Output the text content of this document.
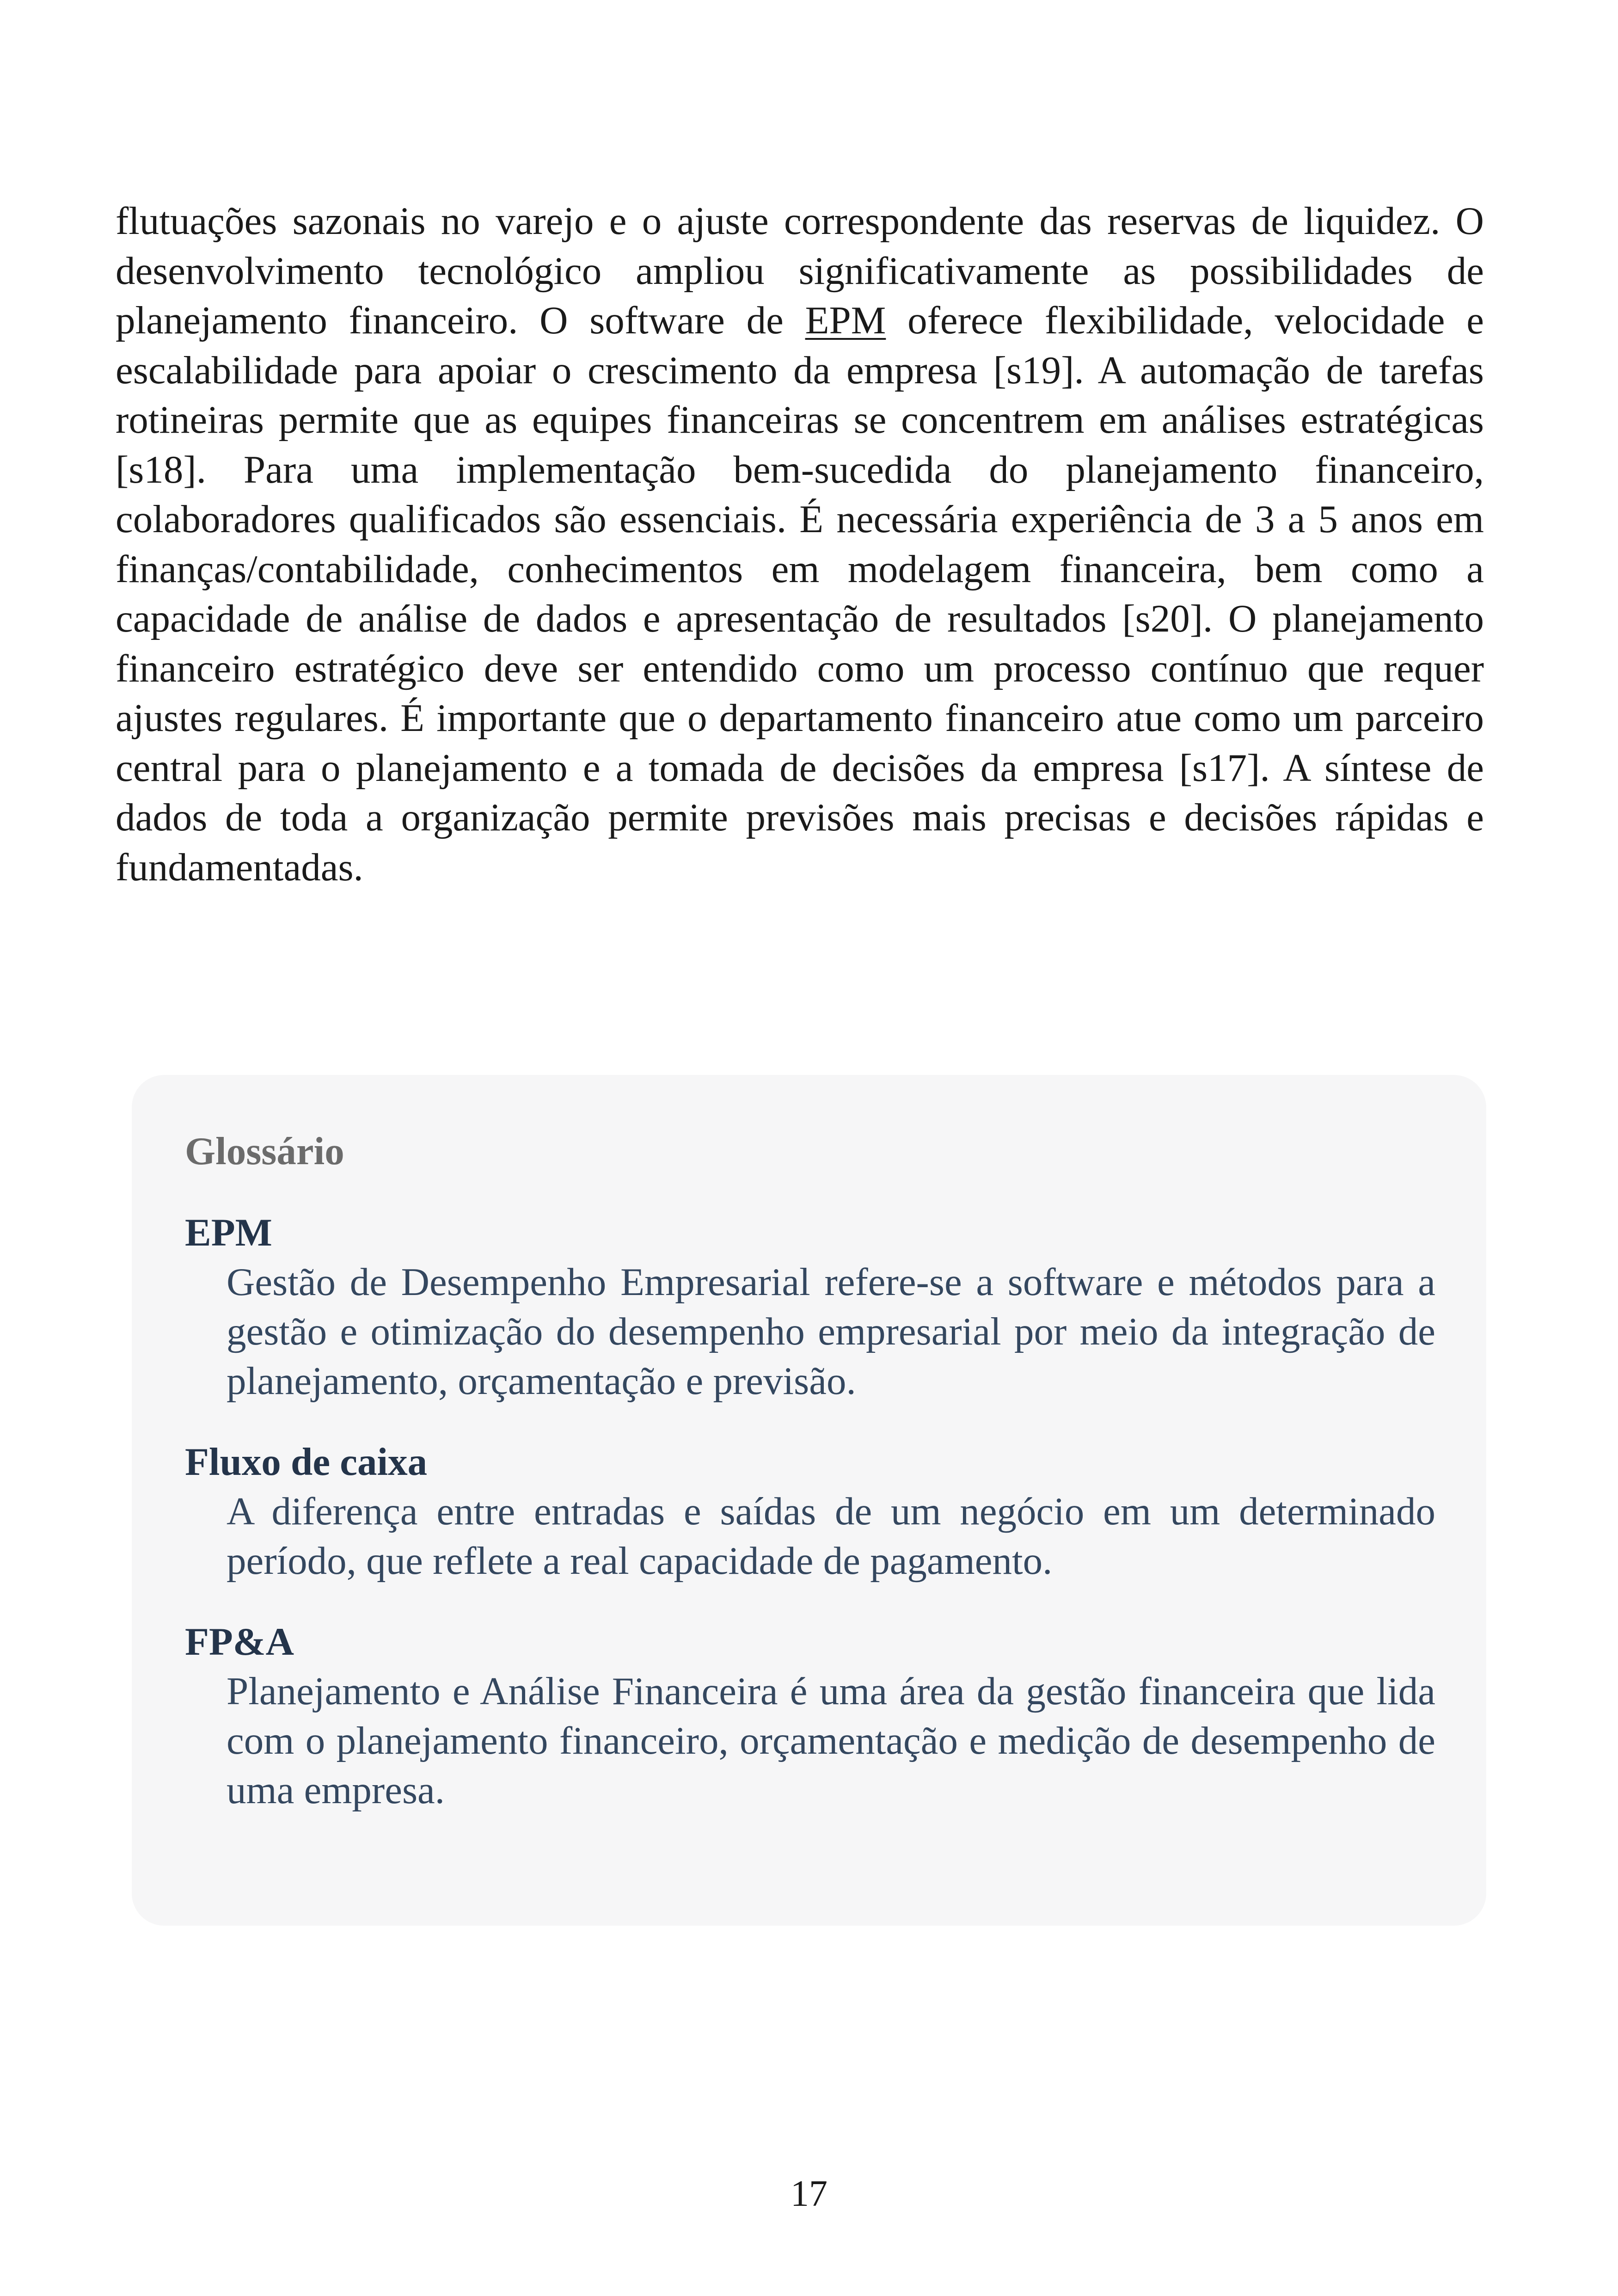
flutuações sazonais no varejo e o ajuste correspondente das reservas de liquidez. O desenvolvimento tecnológico ampliou significativamente as possibilidades de planejamento financeiro. O software de EPM oferece flexibilidade, velocidade e escalabilidade para apoiar o crescimento da empresa [s19]. A automação de tarefas rotineiras permite que as equipes financeiras se concentrem em análises estratégicas [s18]. Para uma implementação bem-sucedida do planejamento financeiro, colaboradores qualificados são essenciais. É necessária experiência de 3 a 5 anos em finanças/contabilidade, conhecimentos em modelagem financeira, bem como a capacidade de análise de dados e apresentação de resultados [s20]. O planejamento financeiro estratégico deve ser entendido como um processo contínuo que requer ajustes regulares. É importante que o departamento financeiro atue como um parceiro central para o planejamento e a tomada de decisões da empresa [s17]. A síntese de dados de toda a organização permite previsões mais precisas e decisões rápidas e fundamentadas.

Glossário

EPM

Gestão de Desempenho Empresarial refere-se a software e métodos para a gestão e otimização do desempenho empresarial por meio da integração de planejamento, orçamentação e previsão.

Fluxo de caixa

A diferença entre entradas e saídas de um negócio em um determinado período, que reflete a real capacidade de pagamento.

FP&A

Planejamento e Análise Financeira é uma área da gestão financeira que lida com o planejamento financeiro, orçamentação e medição de desempenho de uma empresa.

17
